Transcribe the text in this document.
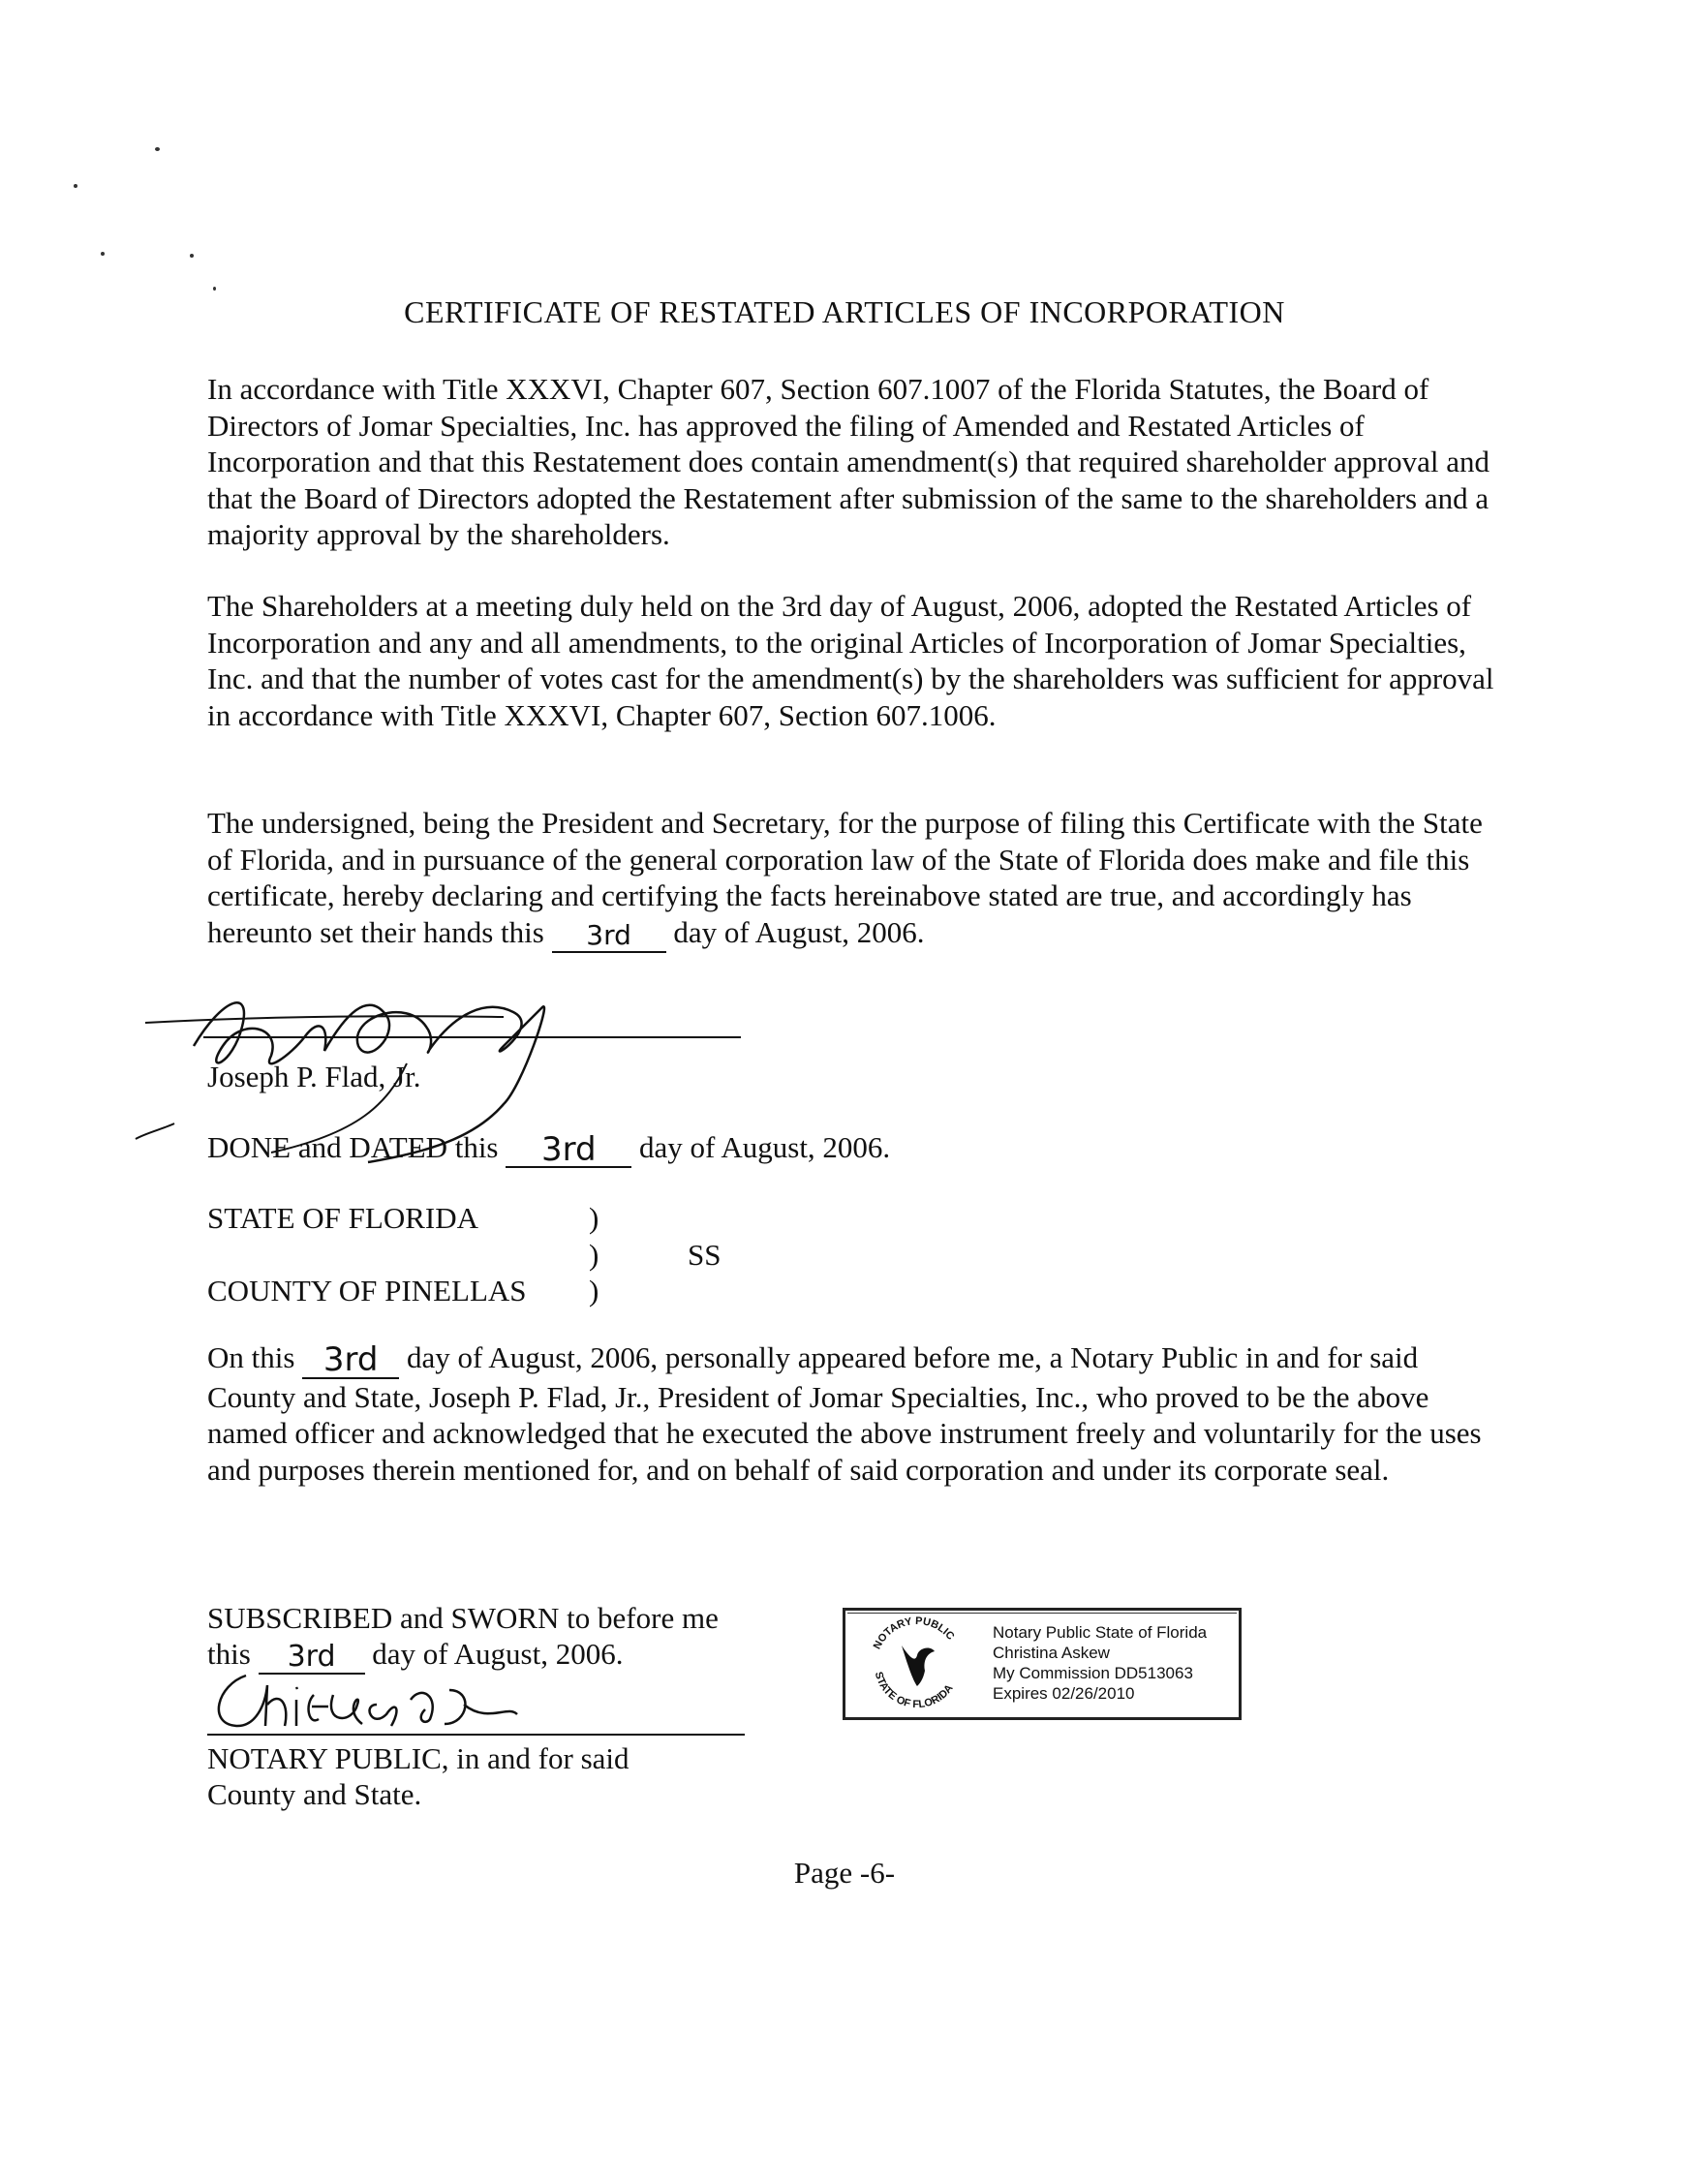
CERTIFICATE OF RESTATED ARTICLES OF INCORPORATION

In accordance with Title XXXVI, Chapter 607, Section 607.1007 of the Florida Statutes, the Board of Directors of Jomar Specialties, Inc. has approved the filing of Amended and Restated Articles of Incorporation and that this Restatement does contain amendment(s) that required shareholder approval and that the Board of Directors adopted the Restatement after submission of the same to the shareholders and a majority approval by the shareholders.

The Shareholders at a meeting duly held on the 3rd day of August, 2006, adopted the Restated Articles of Incorporation and any and all amendments, to the original Articles of Incorporation of Jomar Specialties, Inc. and that the number of votes cast for the amendment(s) by the shareholders was sufficient for approval in accordance with Title XXXVI, Chapter 607, Section 607.1006.

The undersigned, being the President and Secretary, for the purpose of filing this Certificate with the State of Florida, and in pursuance of the general corporation law of the State of Florida does make and file this certificate, hereby declaring and certifying the facts hereinabove stated are true, and accordingly has hereunto set their hands this	3rd	day of August, 2006.

Joseph P. Flad, Jr.
DONE and DATED this	3rd	day of August, 2006.
STATE OF FLORIDA	)
)	SS
COUNTY OF PINELLAS )

On this 3rd day of August, 2006, personally appeared before me, a Notary Public in and for said County and State, Joseph P. Flad, Jr., President of Jomar Specialties, Inc., who proved to be the above named officer and acknowledged that he executed the above instrument freely and voluntarily for the uses and purposes therein mentioned for, and on behalf of said corporation and under its corporate seal.

SUBSCRIBED and SWORN to before me
this	3rd	day of August, 2006.
NOTARY PUBLIC, in and for said
County and State.
NOTARY PUBLIC
STATE OF FLORIDA
Notary Public State of Florida
Christina Askew
My Commission DD513063
Expires 02/26/2010
Page -6-
